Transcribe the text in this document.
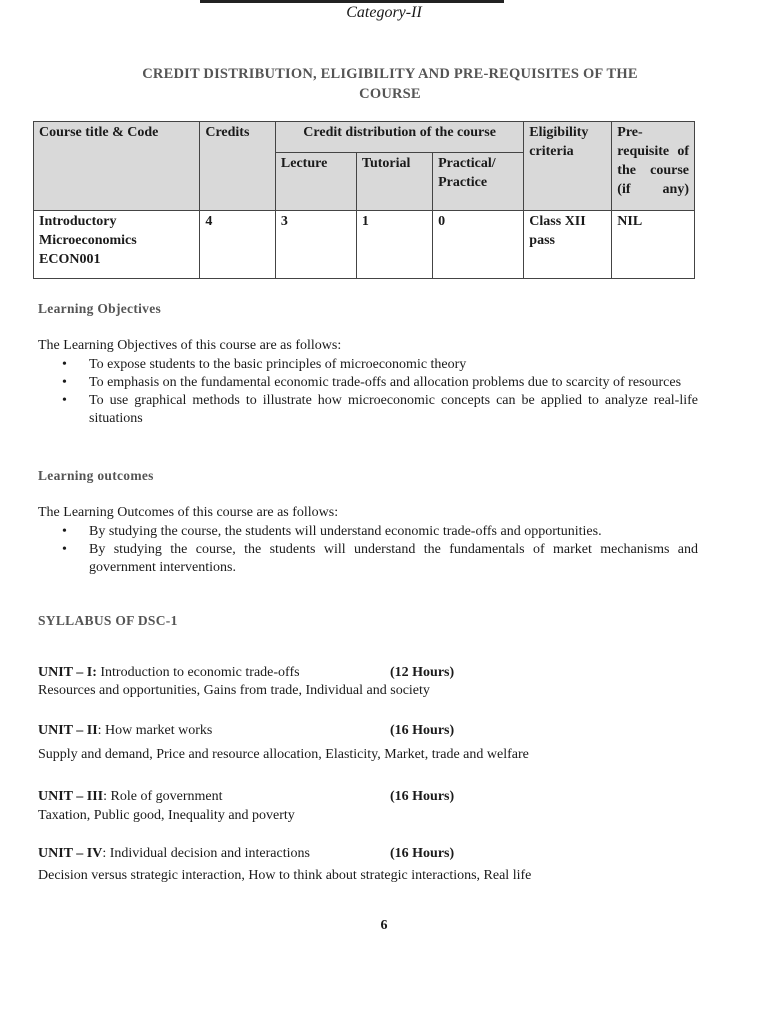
Category-II
CREDIT DISTRIBUTION, ELIGIBILITY AND PRE-REQUISITES OF THE
COURSE
Course title & Code	Credits	Credit distribution of the course			Eligibility criteria	Pre-requisite of the course (if any)
		Lecture	Tutorial	Practical/ Practice		

Introductory
Microeconomics
ECON001	4	3	1	0	Class XII pass	NIL
Learning Objectives
The Learning Objectives of this course are as follows:
• To expose students to the basic principles of microeconomic theory
• To emphasis on the fundamental economic trade-offs and allocation problems due to scarcity of resources
• To use graphical methods to illustrate how microeconomic concepts can be applied to analyze real-life situations
Learning outcomes
The Learning Outcomes of this course are as follows:
• By studying the course, the students will understand economic trade-offs and opportunities.
• By studying the course, the students will understand the fundamentals of market mechanisms and government interventions.
SYLLABUS OF DSC-1
UNIT – I: Introduction to economic trade-offs	(12 Hours)
Resources and opportunities, Gains from trade, Individual and society
UNIT – II: How market works	(16 Hours)
Supply and demand, Price and resource allocation, Elasticity, Market, trade and welfare
UNIT – III: Role of government	(16 Hours)
Taxation, Public good, Inequality and poverty
UNIT – IV: Individual decision and interactions	(16 Hours)
Decision versus strategic interaction, How to think about strategic interactions, Real life
6
